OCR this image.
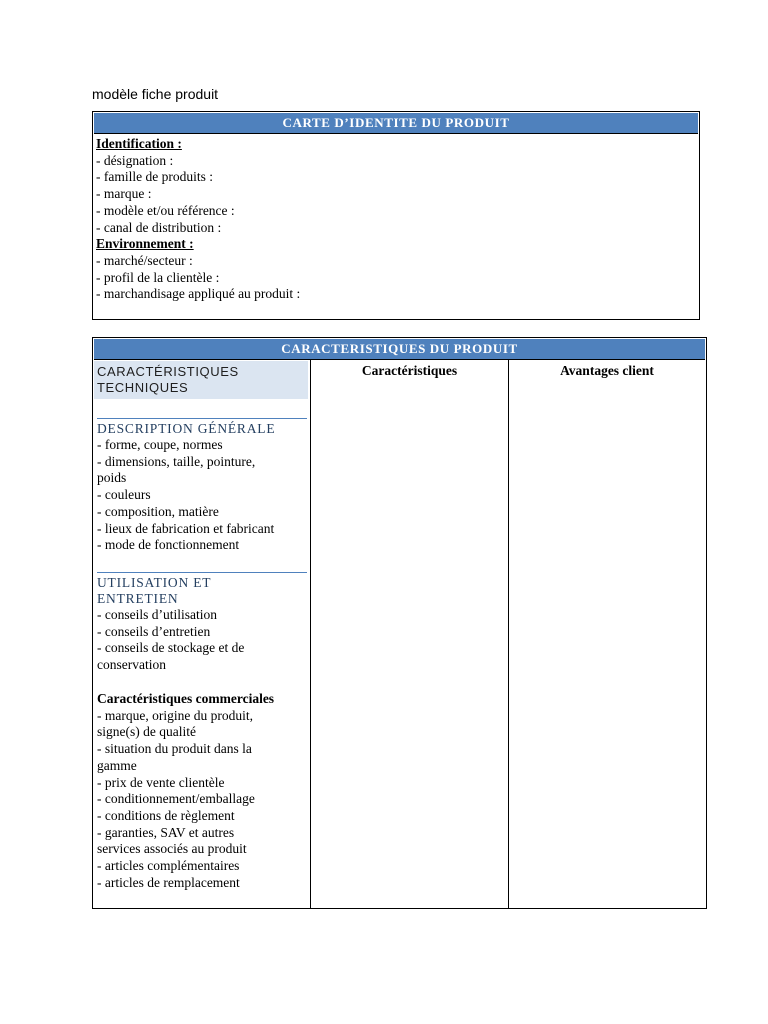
modèle fiche produit
CARTE D’IDENTITE DU PRODUIT
Identification :
- désignation :
- famille de produits :
- marque :
- modèle et/ou référence :
- canal de distribution :
Environnement :
- marché/secteur :
- profil de la clientèle :
- marchandisage appliqué au produit :
CARACTERISTIQUES DU PRODUIT
Caractéristiques	Avantages client
CARACTÉRISTIQUES
TECHNIQUES
DESCRIPTION GÉNÉRALE
- forme, coupe, normes
- dimensions, taille, pointure,
poids
- couleurs
- composition, matière
- lieux de fabrication et fabricant
- mode de fonctionnement
UTILISATION ET
ENTRETIEN
- conseils d’utilisation
- conseils d’entretien
- conseils de stockage et de
conservation
Caractéristiques commerciales
- marque, origine du produit,
signe(s) de qualité
- situation du produit dans la
gamme
- prix de vente clientèle
- conditionnement/emballage
- conditions de règlement
- garanties, SAV et autres
services associés au produit
- articles complémentaires
- articles de remplacement
